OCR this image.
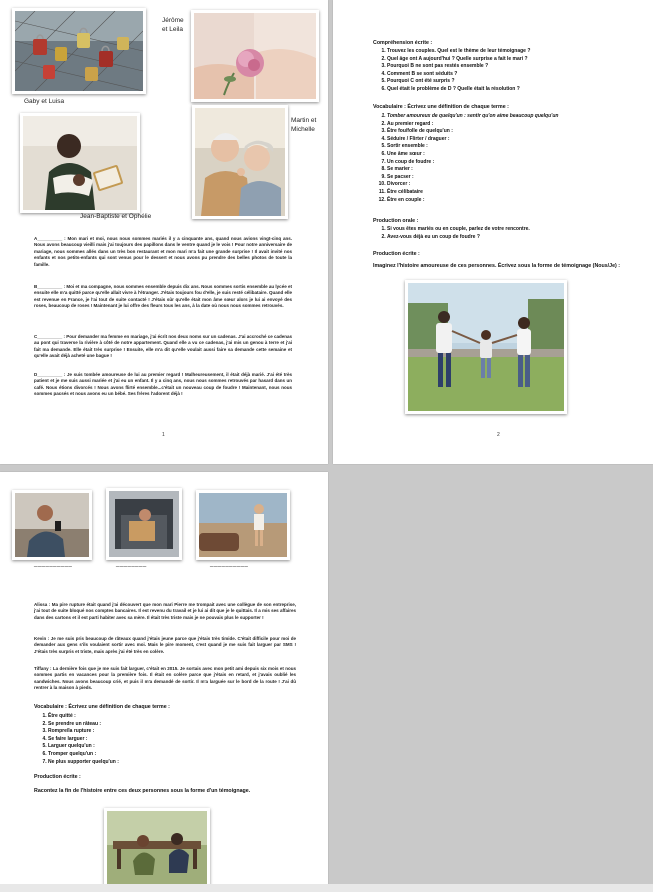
Gaby et Luisa
Jérôme
et Leila
Jean-Baptiste et Ophélie
Martin et
Michelle
A__________ : Mon mari et moi, nous nous sommes mariés il y a cinquante ans, quand nous avions vingt-cinq ans. Nous avons beaucoup vieilli mais j'ai toujours des papillons dans le ventre quand je le vois ! Pour notre anniversaire de mariage, nous sommes allés dans un très bon restaurant et mon mari m'a fait une grande surprise ! Il avait invité nos enfants et nos petits-enfants qui sont venus pour le dessert et nous avons pu prendre des belles photos de toute la famille.
B__________ : Moi et ma compagne, nous sommes ensemble depuis dix ans. Nous sommes sortis ensemble au lycée et ensuite elle m'a quitté parce qu'elle allait vivre à l'étranger. J'étais toujours fou d'elle, je suis resté célibataire. Quand elle est revenue en France, je l'ai tout de suite contacté ! J'étais sûr qu'elle était mon âme sœur alors je lui ai envoyé des roses, beaucoup de roses ! Maintenant je lui offre des fleurs tous les ans, à la date où nous nous sommes retrouvés.
C__________ : Pour demander ma femme en mariage, j'ai écrit nos deux noms sur un cadenas. J'ai accroché ce cadenas au pont qui traverse la rivière à côté de notre appartement. Quand elle a vu ce cadenas, j'ai mis un genou à terre et j'ai fait ma demande. Elle était très surprise ! Ensuite, elle m'a dit qu'elle voulait aussi faire sa demande cette semaine et qu'elle avait déjà acheté une bague !
D__________ : Je suis tombée amoureuse de lui au premier regard ! Malheureusement, il était déjà marié. J'ai été très patient et je me suis aussi mariée et j'ai eu un enfant. Il y a cinq ans, nous nous sommes retrouvés par hasard dans un café. Nous étions divorcés ! Nous avons flirté ensemble...c'était un nouveau coup de foudre ! Maintenant, nous nous sommes pacsés et nous avons eu un bébé. Ses frères l'adorent déjà !
1
Compréhension écrite :
1. Trouvez les couples. Quel est le thème de leur témoignage ?
2. Quel âge ont A aujourd'hui ? Quelle surprise a fait le mari ?
3. Pourquoi B ne sont pas restés ensemble ?
4. Comment B se sont séduits ?
5. Pourquoi C ont été surpris ?
6. Quel était le problème de D ? Quelle était la résolution ?
Vocabulaire : Écrivez une définition de chaque terme :
1. Tomber amoureux de quelqu'un : sentir qu'on aime beaucoup quelqu'un
2. Au premier regard :
3. Être fou/folle de quelqu'un :
4. Séduire / Flirter / draguer :
5. Sortir ensemble :
6. Une âme sœur :
7. Un coup de foudre :
8. Se marier :
9. Se pacser :
10. Divorcer :
11. Être célibataire
12. Être en couple :
Production orale :
1. Si vous êtes mariés ou en couple, parlez de votre rencontre.
2. Avez-vous déjà eu un coup de foudre ?
Production écrite :
Imaginez l'histoire amoureuse de ces personnes. Écrivez sous la forme de témoignage (Nous/Je) :
2
__________	________	__________
Alissa : Ma pire rupture était quand j'ai découvert que mon mari Pierre me trompait avec une collègue de son entreprise, j'ai tout de suite bloqué nos comptes bancaires. Il est revenu du travail et je lui ai dit que je le quittais. Il a mis ses affaires dans des cartons et il est parti habiter avec sa mère. Il était très triste mais je ne pouvais plus le supporter !
Kevin : Je me suis pris beaucoup de râteaux quand j'étais jeune parce que j'étais très timide. C'était difficile pour moi de demander aux gens s'ils voulaient sortir avec moi. Mais le pire moment, c'est quand je me suis fait larguer par SMS ! J'étais très surpris et triste, mais après j'ai été très en colère.
Tiffany : La dernière fois que je me suis fait larguer, c'était en 2015. Je sortais avec mon petit ami depuis six mois et nous sommes partis en vacances pour la première fois. Il était en colère parce que j'étais en retard, et j'avais oublié les sandwiches. Nous avons beaucoup crié, et puis il m'a demandé de sortir. Il m'a larguée sur le bord de la route ! J'ai dû rentrer à la maison à pieds.
Vocabulaire : Écrivez une définition de chaque terme :
1. Être quitté :
2. Se prendre un râteau :
3. Rompre/la rupture :
4. Se faire larguer :
5. Larguer quelqu'un :
6. Tromper quelqu'un :
7. Ne plus supporter quelqu'un :
Production écrite :
Racontez la fin de l'histoire entre ces deux personnes sous la forme d'un témoignage.
